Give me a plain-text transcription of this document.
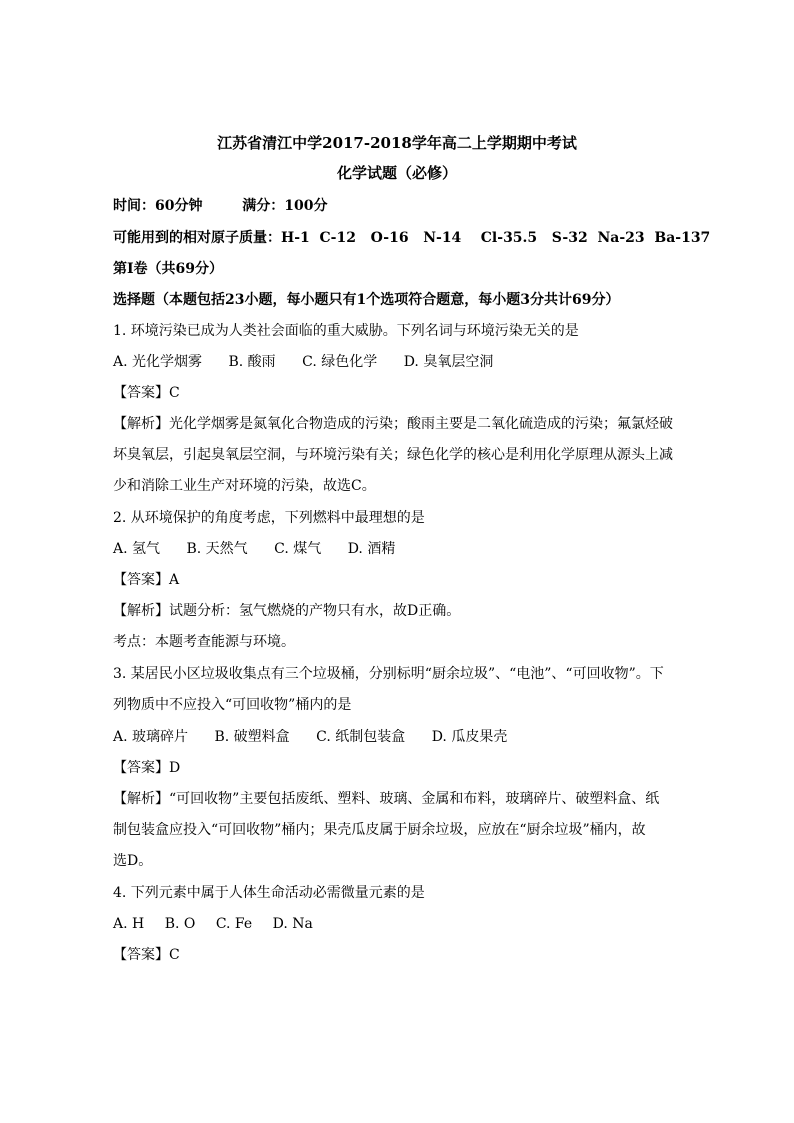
江苏省清江中学2017-2018学年高二上学期期中考试
化学试题（必修）
时间：60分钟	满分：100分
可能用到的相对原子质量：H-1  C-12   O-16   N-14    Cl-35.5   S-32  Na-23  Ba-137
第Ⅰ卷（共69分）
选择题（本题包括23小题，每小题只有1个选项符合题意，每小题3分共计69分）
1. 环境污染已成为人类社会面临的重大威胁。下列名词与环境污染无关的是
A. 光化学烟雾 B. 酸雨 C. 绿色化学 D. 臭氧层空洞
【答案】C
【解析】光化学烟雾是氮氧化合物造成的污染；酸雨主要是二氧化硫造成的污染；氟氯烃破
坏臭氧层，引起臭氧层空洞，与环境污染有关；绿色化学的核心是利用化学原理从源头上减
少和消除工业生产对环境的污染，故选C。
2. 从环境保护的角度考虑，下列燃料中最理想的是
A. 氢气 B. 天然气 C. 煤气 D. 酒精
【答案】A
【解析】试题分析：氢气燃烧的产物只有水，故D正确。
考点：本题考查能源与环境。
3. 某居民小区垃圾收集点有三个垃圾桶，分别标明“厨余垃圾”、“电池”、“可回收物”。下
列物质中不应投入“可回收物”桶内的是
A. 玻璃碎片 B. 破塑料盒 C. 纸制包装盒 D. 瓜皮果壳
【答案】D
【解析】“可回收物”主要包括废纸、塑料、玻璃、金属和布料，玻璃碎片、破塑料盒、纸
制包装盒应投入“可回收物”桶内；果壳瓜皮属于厨余垃圾，应放在“厨余垃圾”桶内，故
选D。
4. 下列元素中属于人体生命活动必需微量元素的是
A. H B. O C. Fe D. Na
【答案】C
